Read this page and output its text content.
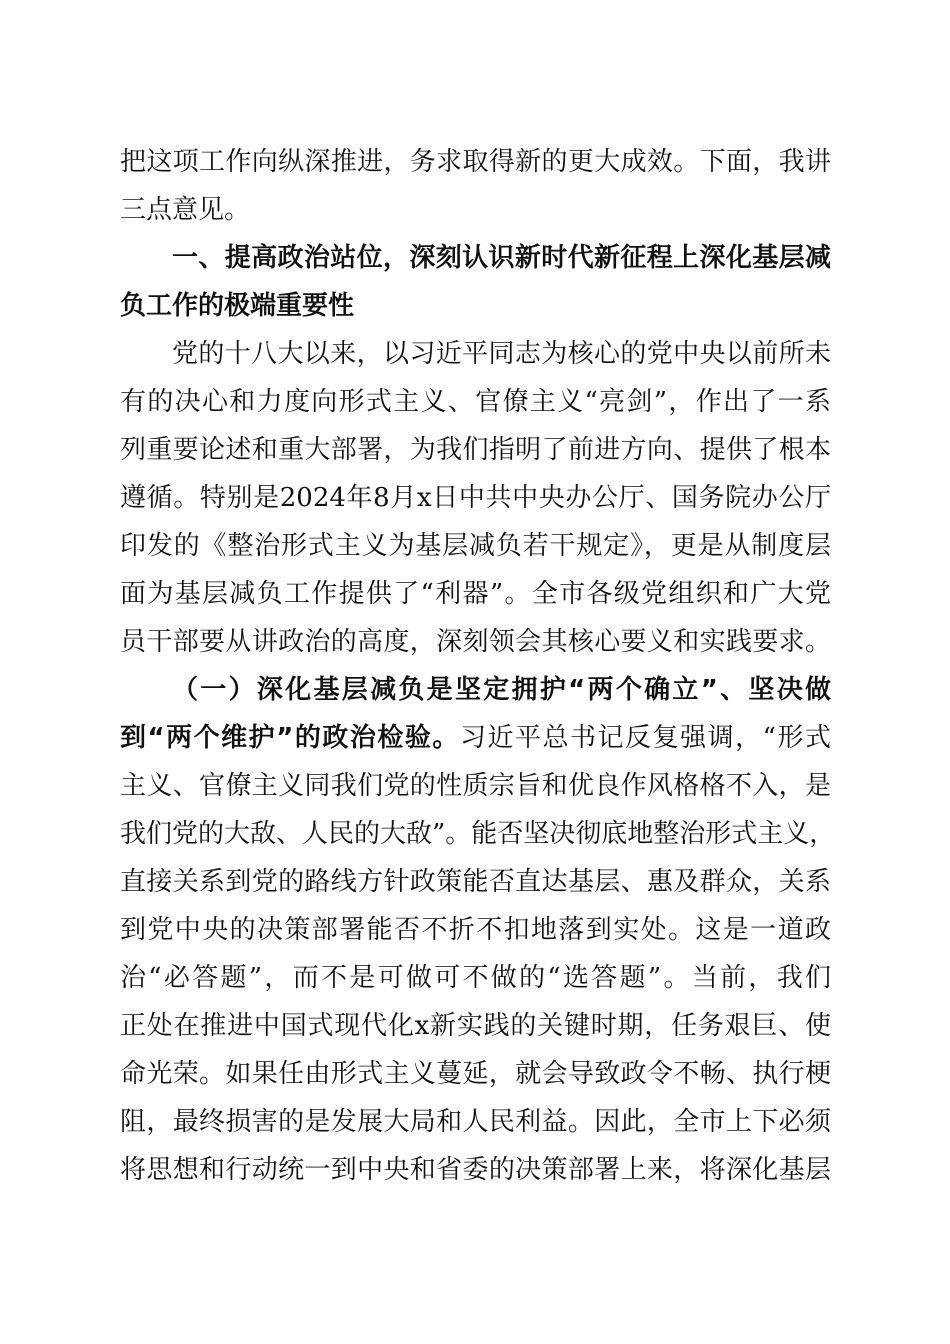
把这项工作向纵深推进，务求取得新的更大成效。下面，我讲
三点意见。
一、提高政治站位，深刻认识新时代新征程上深化基层减
负工作的极端重要性
党的十八大以来，以习近平同志为核心的党中央以前所未
有的决心和力度向形式主义、官僚主义“亮剑”，作出了一系
列重要论述和重大部署，为我们指明了前进方向、提供了根本
遵循。特别是2024年8月x日中共中央办公厅、国务院办公厅
印发的《整治形式主义为基层减负若干规定》，更是从制度层
面为基层减负工作提供了“利器”。全市各级党组织和广大党
员干部要从讲政治的高度，深刻领会其核心要义和实践要求。
（一）深化基层减负是坚定拥护“两个确立”、坚决做
到“两个维护”的政治检验。习近平总书记反复强调，“形式
主义、官僚主义同我们党的性质宗旨和优良作风格格不入，是
我们党的大敌、人民的大敌”。能否坚决彻底地整治形式主义，
直接关系到党的路线方针政策能否直达基层、惠及群众，关系
到党中央的决策部署能否不折不扣地落到实处。这是一道政
治“必答题”，而不是可做可不做的“选答题”。当前，我们
正处在推进中国式现代化x新实践的关键时期，任务艰巨、使
命光荣。如果任由形式主义蔓延，就会导致政令不畅、执行梗
阻，最终损害的是发展大局和人民利益。因此，全市上下必须
将思想和行动统一到中央和省委的决策部署上来，将深化基层
